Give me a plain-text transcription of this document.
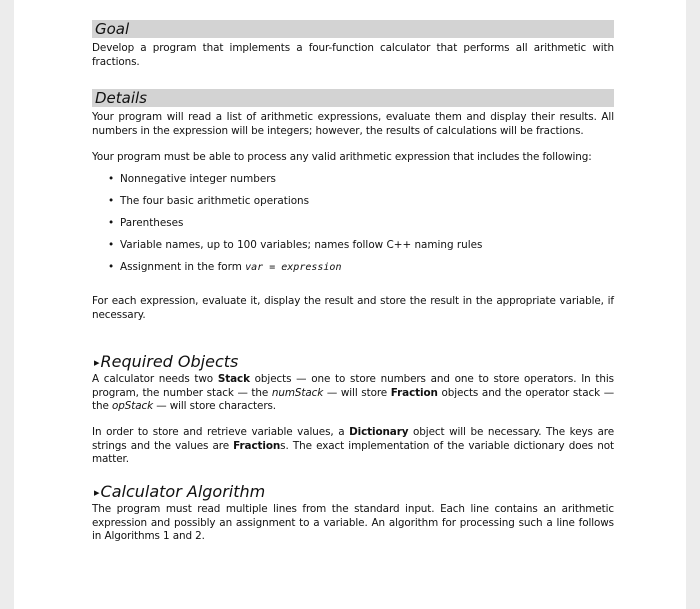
Goal
Develop a program that implements a four-function calculator that performs all arithmetic with fractions.
Details
Your program will read a list of arithmetic expressions, evaluate them and display their results. All numbers in the expression will be integers; however, the results of calculations will be fractions.
Your program must be able to process any valid arithmetic expression that includes the following:
• Nonnegative integer numbers
• The four basic arithmetic operations
• Parentheses
• Variable names, up to 100 variables; names follow C++ naming rules
• Assignment in the form var = expression
For each expression, evaluate it, display the result and store the result in the appropriate variable, if necessary.
▸Required Objects
A calculator needs two Stack objects — one to store numbers and one to store operators. In this program, the number stack — the numStack — will store Fraction objects and the operator stack — the opStack — will store characters.
In order to store and retrieve variable values, a Dictionary object will be necessary. The keys are strings and the values are Fractions. The exact implementation of the variable dictionary does not matter.
▸Calculator Algorithm
The program must read multiple lines from the standard input. Each line contains an arithmetic expression and possibly an assignment to a variable. An algorithm for processing such a line follows in Algorithms 1 and 2.
